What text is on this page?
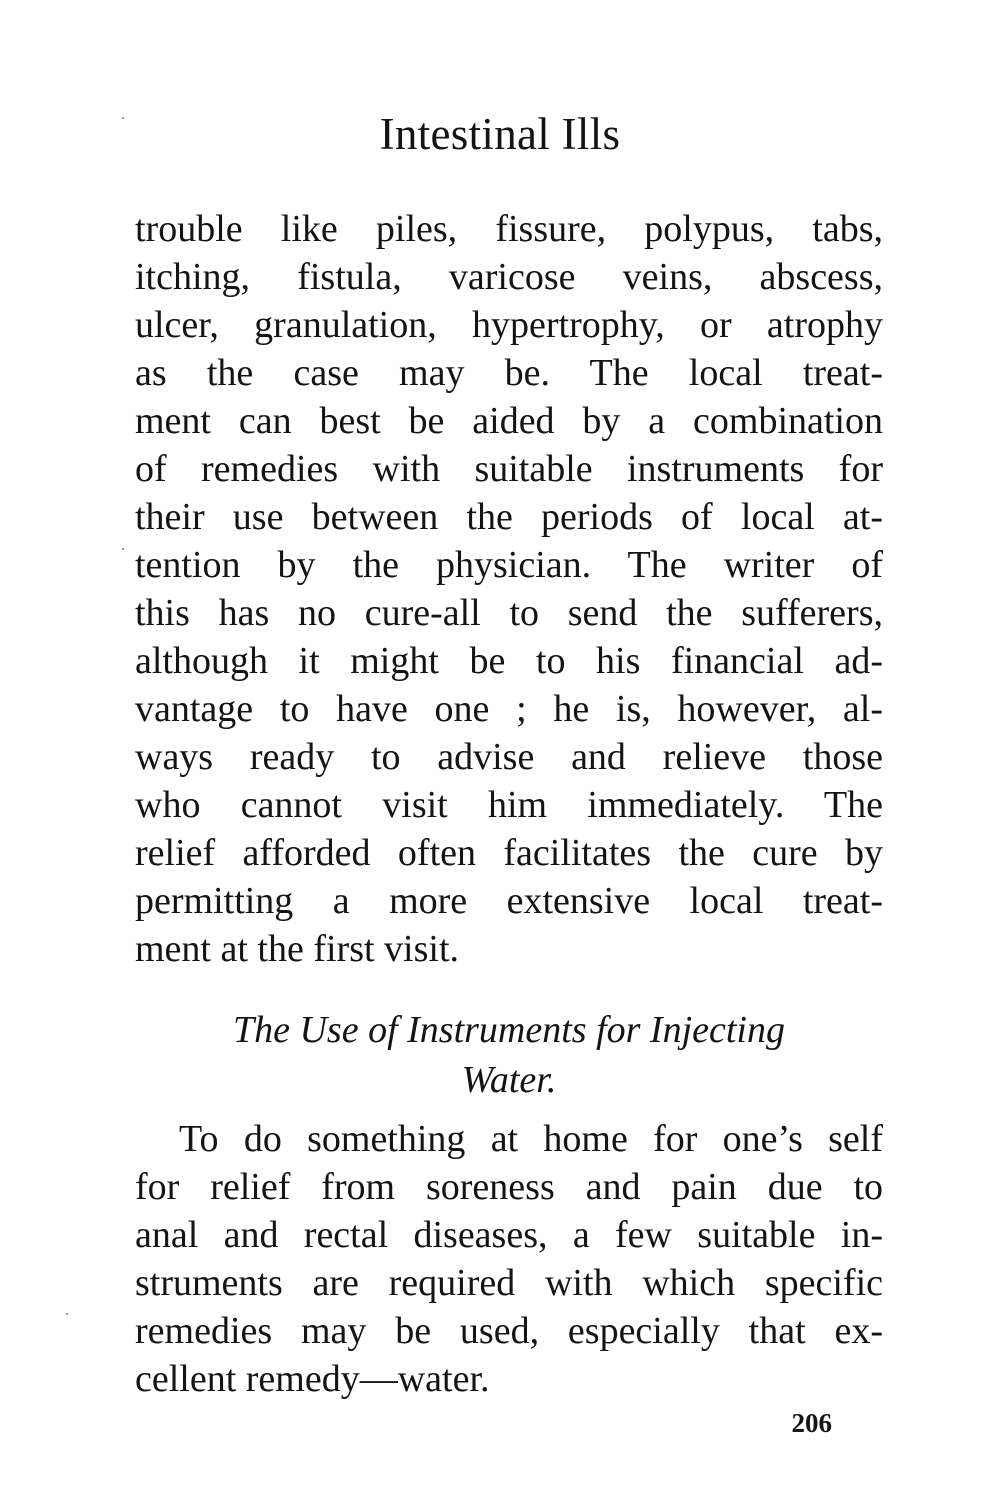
Intestinal Ills

trouble like piles, fissure, polypus, tabs,
itching, fistula, varicose veins, abscess,
ulcer, granulation, hypertrophy, or atrophy
as the case may be. The local treat-
ment can best be aided by a combination
of remedies with suitable instruments for
their use between the periods of local at-
tention by the physician. The writer of
this has no cure-all to send the sufferers,
although it might be to his financial ad-
vantage to have one ; he is, however, al-
ways ready to advise and relieve those
who cannot visit him immediately. The
relief afforded often facilitates the cure by
permitting a more extensive local treat-
ment at the first visit.

The Use of Instruments for Injecting
Water.

To do something at home for one’s self
for relief from soreness and pain due to
anal and rectal diseases, a few suitable in-
struments are required with which specific
remedies may be used, especially that ex-
cellent remedy—water.

206
